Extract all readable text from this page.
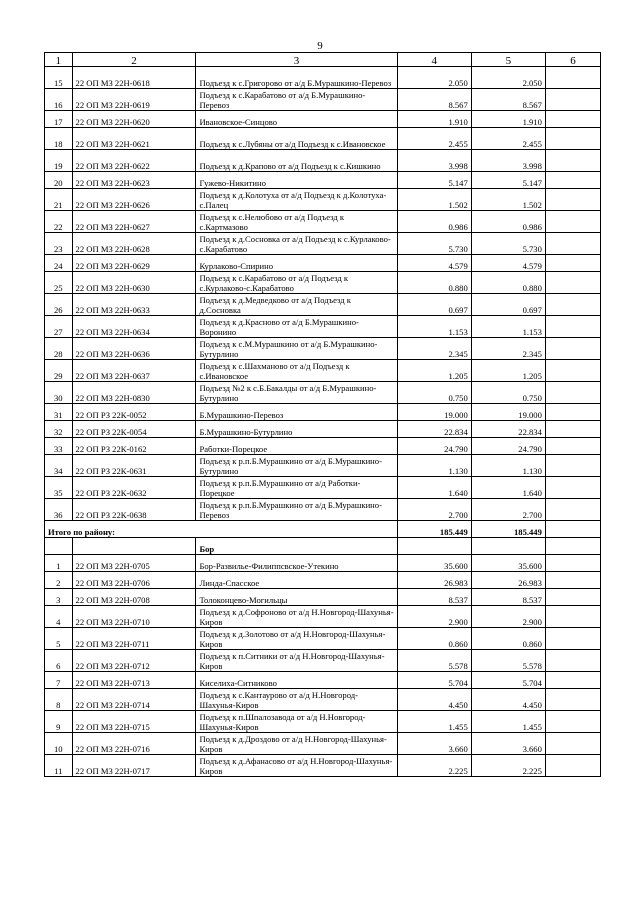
9
1	2	3	4	5	6
15	22 ОП МЗ 22Н-0618	Подъезд к с.Григорово от а/д Б.Мурашкино-Перевоз	2.050	2.050	
16	22 ОП МЗ 22Н-0619	Подъезд к с.Карабатово от а/д Б.Мурашкино-Перевоз	8.567	8.567	
17	22 ОП МЗ 22Н-0620	Ивановское-Синцово	1.910	1.910	
18	22 ОП МЗ 22Н-0621	Подъезд к с.Лубяны от а/д Подъезд к с.Ивановское	2.455	2.455	
19	22 ОП МЗ 22Н-0622	Подъезд к д.Крапово от а/д Подъезд к с.Кишкино	3.998	3.998	
20	22 ОП МЗ 22Н-0623	Гужево-Никитино	5.147	5.147	
21	22 ОП МЗ 22Н-0626	Подъезд к д.Колотуха от а/д Подъезд к д.Колотуха-с.Палец	1.502	1.502	
22	22 ОП МЗ 22Н-0627	Подъезд к с.Нелюбово от а/д Подъезд к с.Картмазово	0.986	0.986	
23	22 ОП МЗ 22Н-0628	Подъезд к д.Сосновка от а/д Подъезд к с.Курлаково-с.Карабатово	5.730	5.730	
24	22 ОП МЗ 22Н-0629	Курлаково-Спирино	4.579	4.579	
25	22 ОП МЗ 22Н-0630	Подъезд к с.Карабатово от а/д Подъезд к с.Курлаково-с.Карабатово	0.880	0.880	
26	22 ОП МЗ 22Н-0633	Подъезд к д.Медведково от а/д Подъезд к д.Сосновка	0.697	0.697	
27	22 ОП МЗ 22Н-0634	Подъезд к д.Красново от а/д Б.Мурашкино-Воронино	1.153	1.153	
28	22 ОП МЗ 22Н-0636	Подъезд к с.М.Мурашкино от а/д Б.Мурашкино-Бутурлино	2.345	2.345	
29	22 ОП МЗ 22Н-0637	Подъезд к с.Шахманово от а/д Подъезд к с.Ивановское	1.205	1.205	
30	22 ОП МЗ 22Н-0830	Подъезд №2 к с.Б.Бакалды от а/д Б.Мурашкино-Бутурлино	0.750	0.750	
31	22 ОП РЗ 22К-0052	Б.Мурашкино-Перевоз	19.000	19.000	
32	22 ОП РЗ 22К-0054	Б.Мурашкино-Бутурлино	22.834	22.834	
33	22 ОП РЗ 22К-0162	Работки-Порецкое	24.790	24.790	
34	22 ОП РЗ 22К-0631	Подъезд к р.п.Б.Мурашкино от а/д Б.Мурашкино-Бутурлино	1.130	1.130	
35	22 ОП РЗ 22К-0632	Подъезд к р.п.Б.Мурашкино от а/д Работки-Порецкое	1.640	1.640	
36	22 ОП РЗ 22К-0638	Подъезд к р.п.Б.Мурашкино от а/д Б.Мурашкино-Перевоз	2.700	2.700	
Итого по району:			185.449	185.449	
		Бор			
1	22 ОП МЗ 22Н-0705	Бор-Развилье-Филиппсвское-Утекино	35.600	35.600	
2	22 ОП МЗ 22Н-0706	Линда-Спасское	26.983	26.983	
3	22 ОП МЗ 22Н-0708	Толоконцево-Могильцы	8.537	8.537	
4	22 ОП МЗ 22Н-0710	Подъезд к д.Софроново от а/д Н.Новгород-Шахунья-Киров	2.900	2.900	
5	22 ОП МЗ 22Н-0711	Подъезд к д.Золотово от а/д Н.Новгород-Шахунья-Киров	0.860	0.860	
6	22 ОП МЗ 22Н-0712	Подъезд к п.Ситники от а/д Н.Новгород-Шахунья-Киров	5.578	5.578	
7	22 ОП МЗ 22Н-0713	Киселиха-Ситниково	5.704	5.704	
8	22 ОП МЗ 22Н-0714	Подъезд к с.Кантаурово от а/д Н.Новгород-Шахунья-Киров	4.450	4.450	
9	22 ОП МЗ 22Н-0715	Подъезд к п.Шпалозавода от а/д Н.Новгород-Шахунья-Киров	1.455	1.455	
10	22 ОП МЗ 22Н-0716	Подъезд к д.Дроздово от а/д Н.Новгород-Шахунья-Киров	3.660	3.660	
11	22 ОП МЗ 22Н-0717	Подъезд к д.Афанасово от а/д Н.Новгород-Шахунья-Киров	2.225	2.225	
